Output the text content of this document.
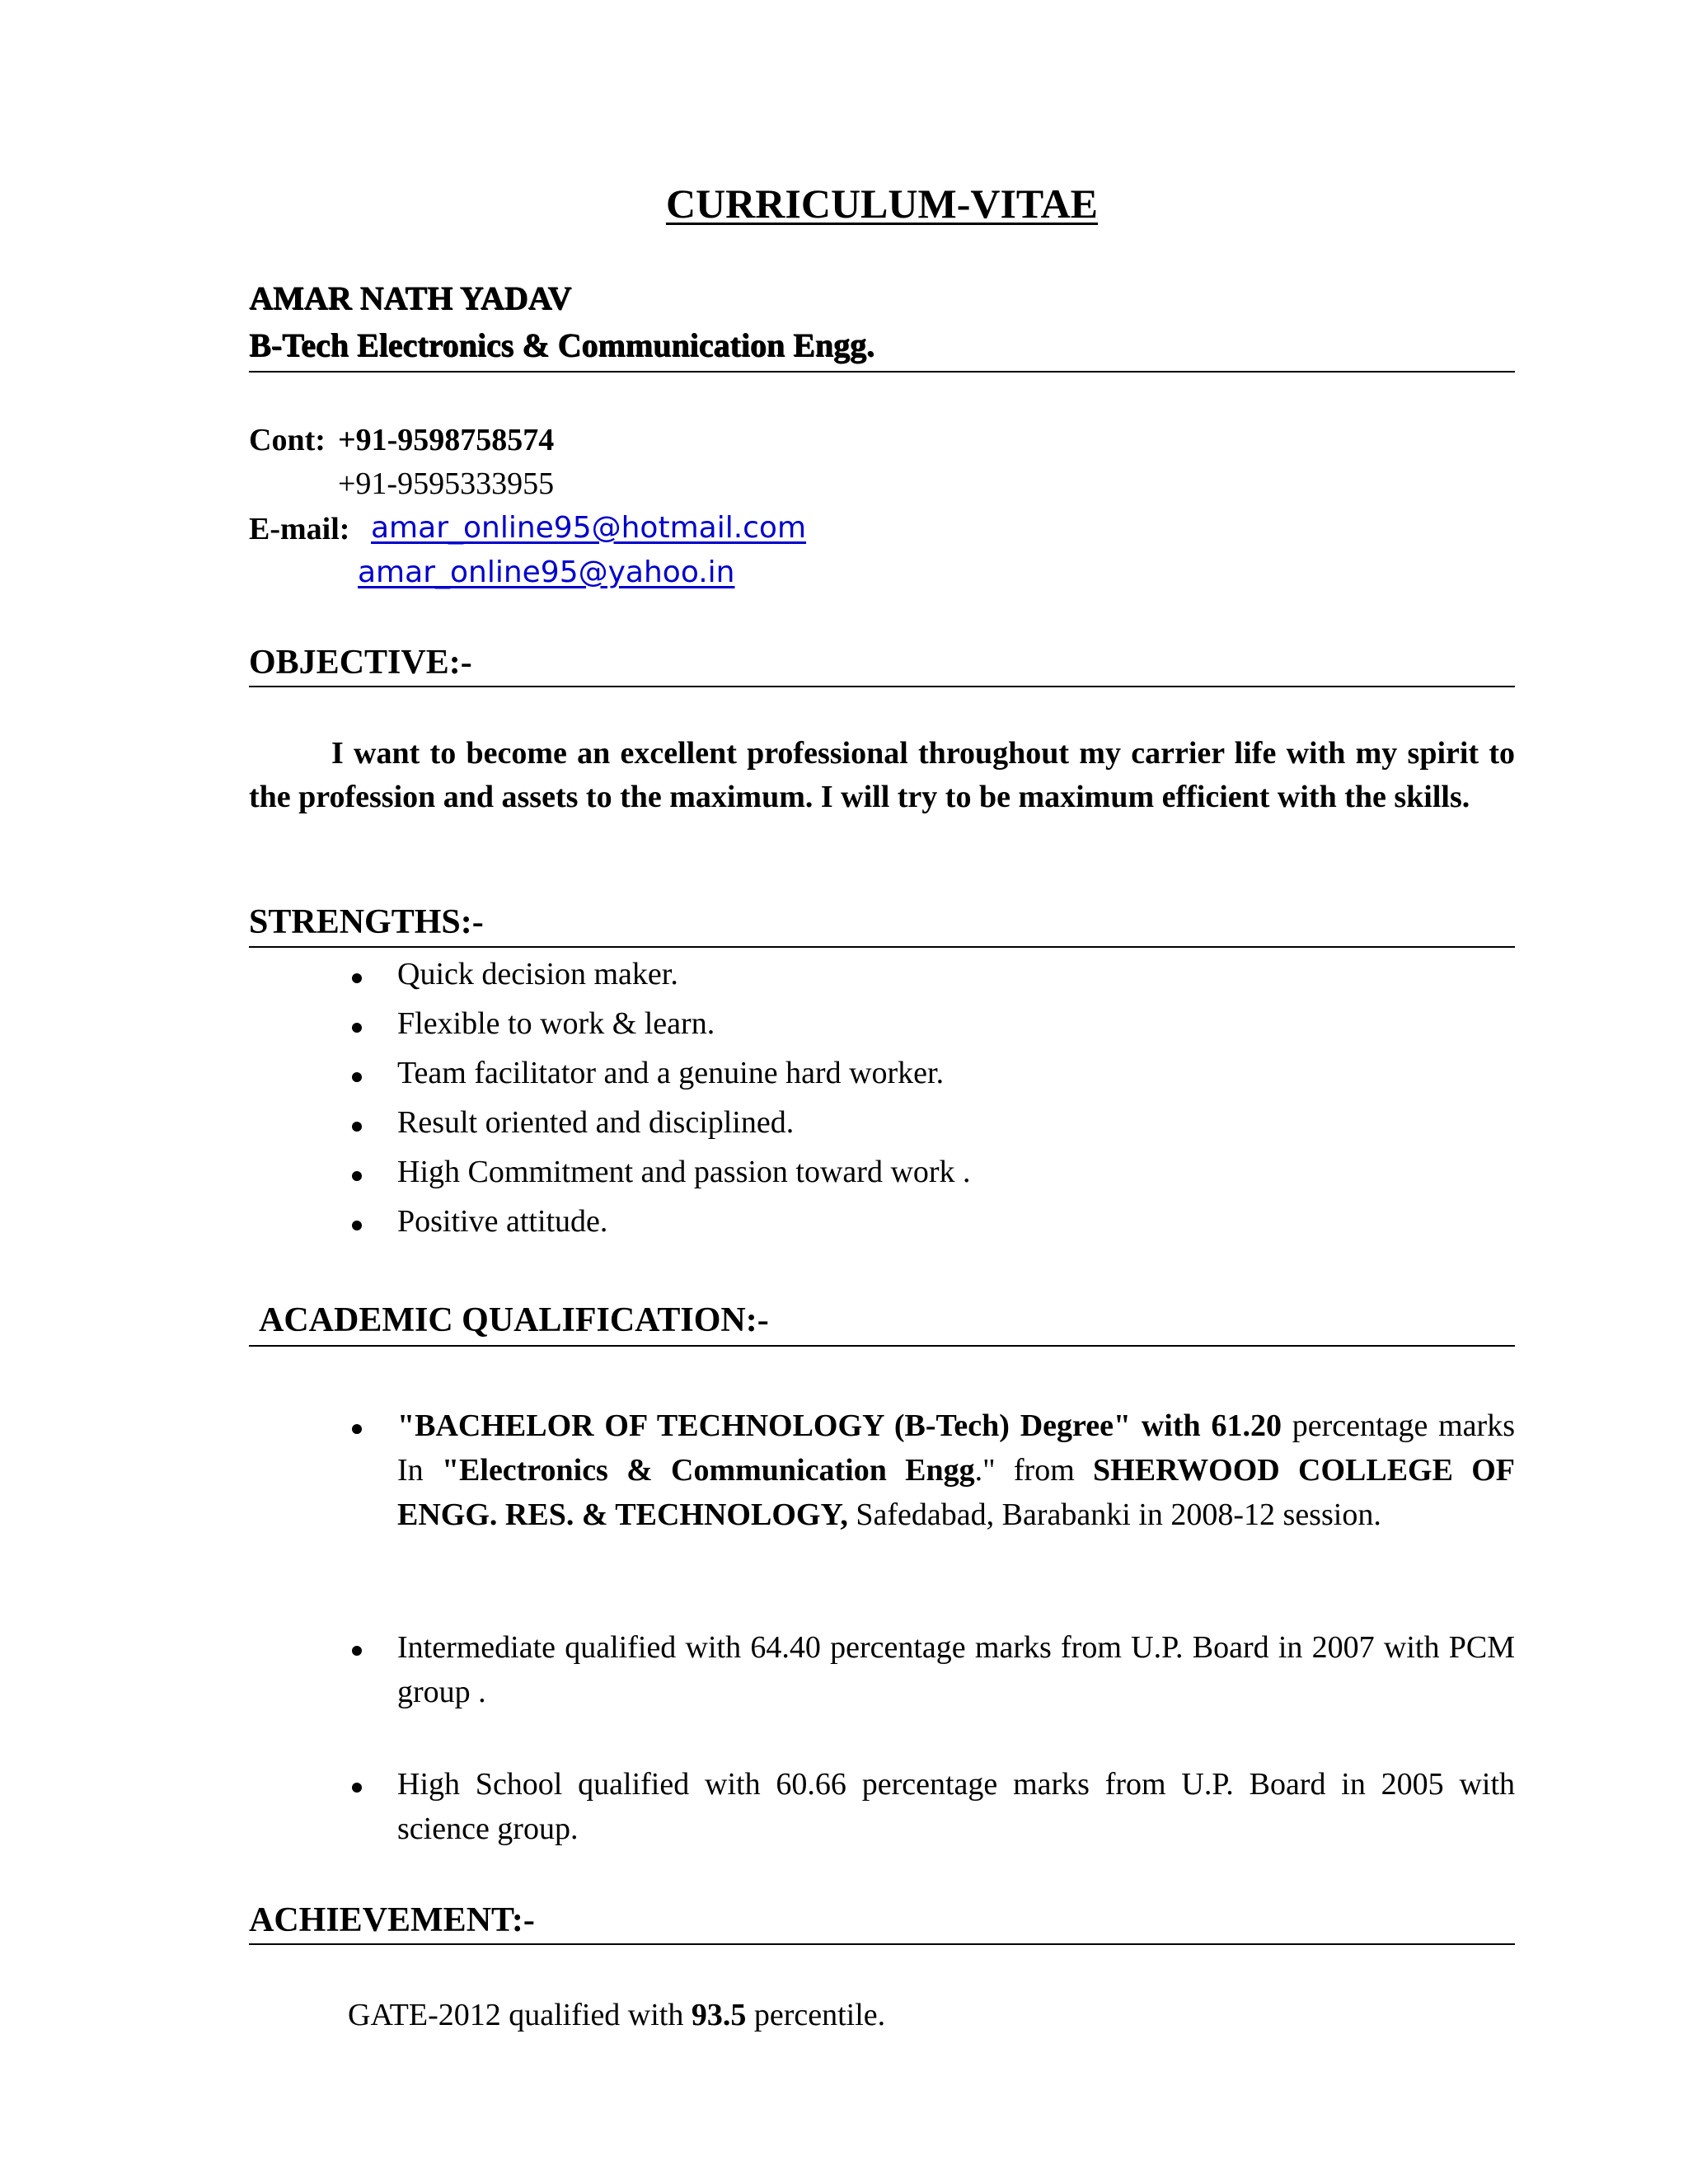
CURRICULUM-VITAE
AMAR NATH YADAV
B-Tech Electronics & Communication Engg.
Cont: +91-9598758574
+91-9595333955
E-mail: amar_online95@hotmail.com
amar_online95@yahoo.in
OBJECTIVE:-
I want to become an excellent professional throughout my carrier life with my spirit to the profession and assets to the maximum. I will try to be maximum efficient with the skills.
STRENGTHS:-
Quick decision maker.
Flexible to work & learn.
Team facilitator and a genuine hard worker.
Result oriented and disciplined.
High Commitment and passion toward work .
Positive attitude.
ACADEMIC QUALIFICATION:-
"BACHELOR OF TECHNOLOGY (B-Tech) Degree" with 61.20 percentage marks In "Electronics & Communication Engg." from SHERWOOD COLLEGE OF ENGG. RES. & TECHNOLOGY, Safedabad, Barabanki in 2008-12 session.
Intermediate qualified with 64.40 percentage marks from U.P. Board in 2007 with PCM group .
High School qualified with 60.66 percentage marks from U.P. Board in 2005 with science group.
ACHIEVEMENT:-
GATE-2012 qualified with 93.5 percentile.
